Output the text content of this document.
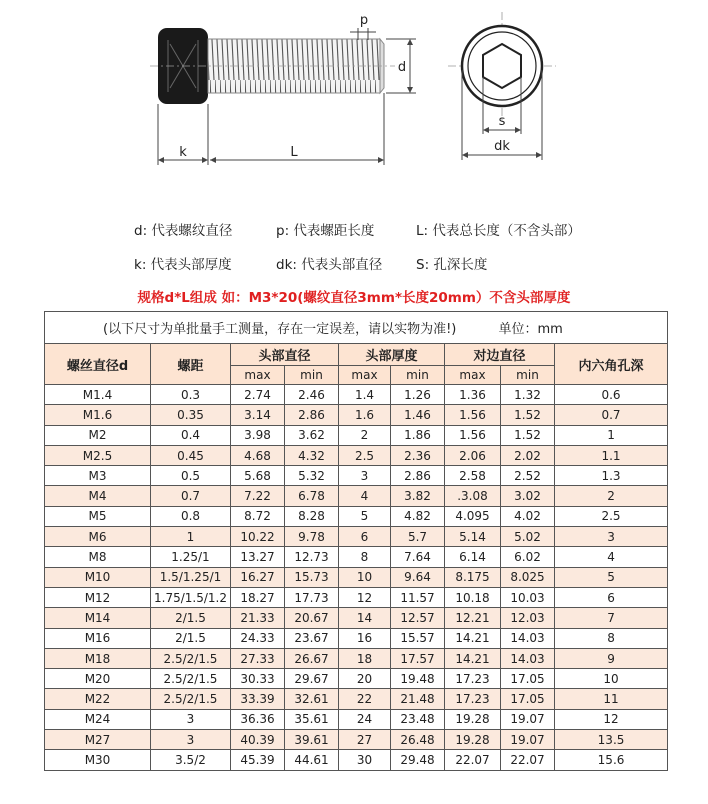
k	L
p
d
s
dk
d: 代表螺纹直径	p: 代表螺距长度	L: 代表总长度（不含头部）
k: 代表头部厚度	dk: 代表头部直径	S: 孔深长度
规格d*L组成 如：M3*20(螺纹直径3mm*长度20mm）不含头部厚度
(以下尺寸为单批量手工测量，存在一定误差，请以实物为准!) 单位：mm								
螺丝直径d	螺距	头部直径		头部厚度		对边直径		内六角孔深
		max	min	max	min	max	min	
M1.4	0.3	2.74	2.46	1.4	1.26	1.36	1.32	0.6
M1.6	0.35	3.14	2.86	1.6	1.46	1.56	1.52	0.7
M2	0.4	3.98	3.62	2	1.86	1.56	1.52	1
M2.5	0.45	4.68	4.32	2.5	2.36	2.06	2.02	1.1
M3	0.5	5.68	5.32	3	2.86	2.58	2.52	1.3
M4	0.7	7.22	6.78	4	3.82	.3.08	3.02	2
M5	0.8	8.72	8.28	5	4.82	4.095	4.02	2.5
M6	1	10.22	9.78	6	5.7	5.14	5.02	3
M8	1.25/1	13.27	12.73	8	7.64	6.14	6.02	4
M10	1.5/1.25/1	16.27	15.73	10	9.64	8.175	8.025	5
M12	1.75/1.5/1.2	18.27	17.73	12	11.57	10.18	10.03	6
M14	2/1.5	21.33	20.67	14	12.57	12.21	12.03	7
M16	2/1.5	24.33	23.67	16	15.57	14.21	14.03	8
M18	2.5/2/1.5	27.33	26.67	18	17.57	14.21	14.03	9
M20	2.5/2/1.5	30.33	29.67	20	19.48	17.23	17.05	10
M22	2.5/2/1.5	33.39	32.61	22	21.48	17.23	17.05	11
M24	3	36.36	35.61	24	23.48	19.28	19.07	12
M27	3	40.39	39.61	27	26.48	19.28	19.07	13.5
M30	3.5/2	45.39	44.61	30	29.48	22.07	22.07	15.6
